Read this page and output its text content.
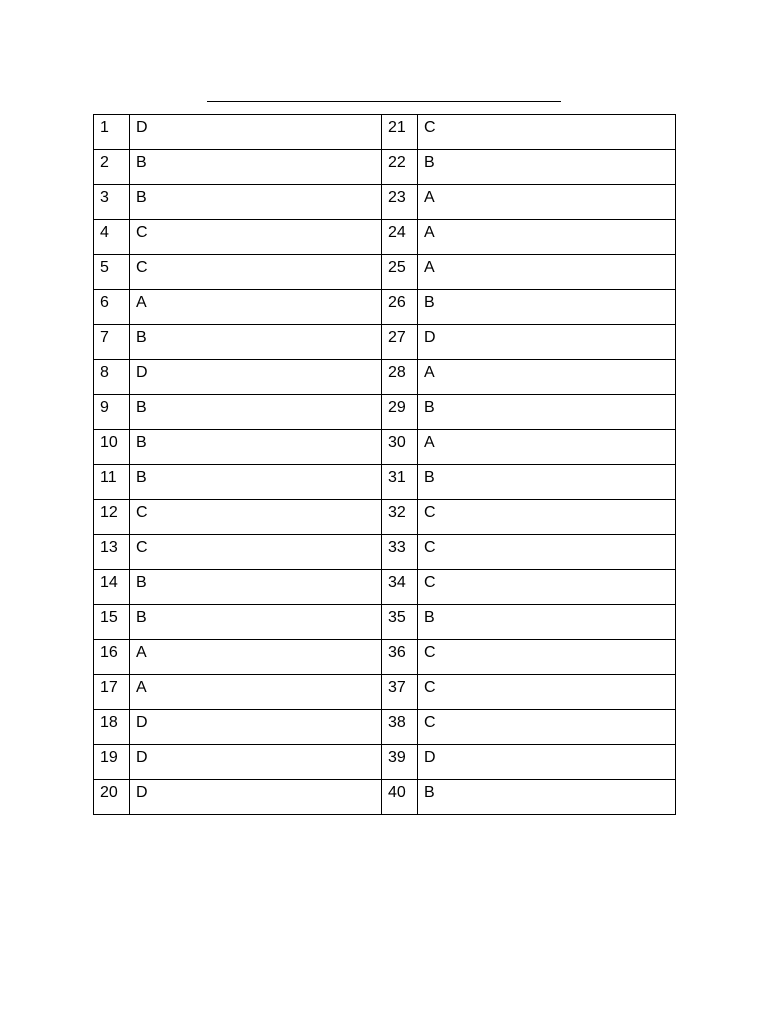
1	D	21	C
2	B	22	B
3	B	23	A
4	C	24	A
5	C	25	A
6	A	26	B
7	B	27	D
8	D	28	A
9	B	29	B
10	B	30	A
11	B	31	B
12	C	32	C
13	C	33	C
14	B	34	C
15	B	35	B
16	A	36	C
17	A	37	C
18	D	38	C
19	D	39	D
20	D	40	B
